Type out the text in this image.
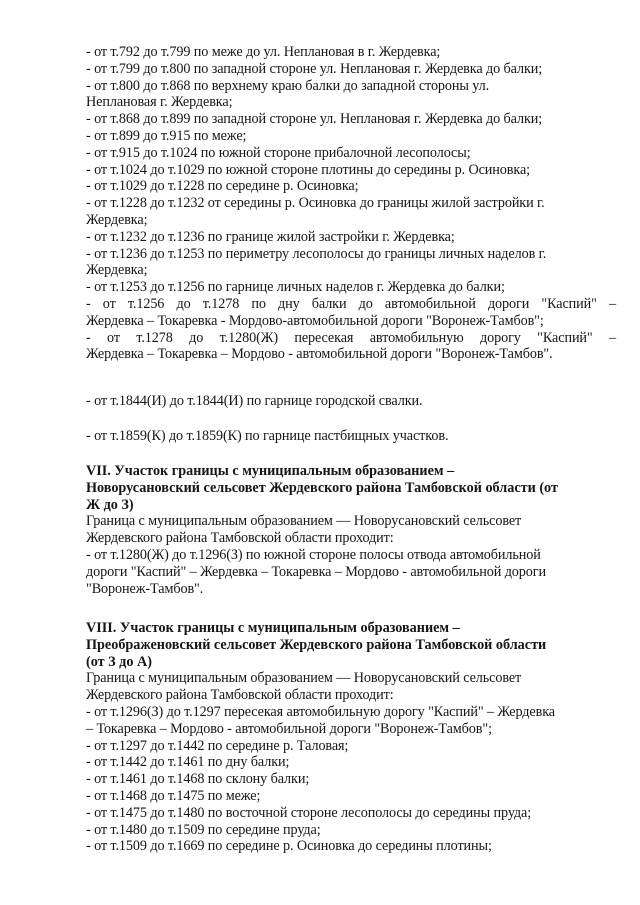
- от т.792 до т.799 по меже до ул. Неплановая в г. Жердевка;
- от т.799 до т.800 по западной стороне ул. Неплановая г. Жердевка до балки;
- от т.800 до т.868 по верхнему краю балки до западной стороны ул.
Неплановая г. Жердевка;
- от т.868 до т.899 по западной стороне ул. Неплановая г. Жердевка до балки;
- от т.899 до т.915 по меже;
- от т.915 до т.1024 по южной стороне прибалочной лесополосы;
- от т.1024 до т.1029 по южной стороне плотины до середины р. Осиновка;
- от т.1029 до т.1228 по середине р. Осиновка;
- от т.1228 до т.1232 от середины р. Осиновка до границы жилой застройки г.
Жердевка;
- от т.1232 до т.1236 по границе жилой застройки г. Жердевка;
- от т.1236 до т.1253 по периметру лесополосы до границы личных наделов г.
Жердевка;
- от т.1253 до т.1256 по гарнице личных наделов г. Жердевка до балки;
- от т.1256 до т.1278 по дну балки до автомобильной дороги "Каспий" –
Жердевка – Токаревка - Мордово-автомобильной дороги "Воронеж-Тамбов";
- от т.1278 до т.1280(Ж) пересекая автомобильную дорогу "Каспий" –
Жердевка – Токаревка – Мордово - автомобильной дороги "Воронеж-Тамбов".
- от т.1844(И) до т.1844(И) по гарнице городской свалки.
- от т.1859(К) до т.1859(К) по гарнице пастбищных участков.
VII. Участок границы с муниципальным образованием –
Новорусановский сельсовет Жердевского района Тамбовской области (от
Ж до З)
Граница с муниципальным образованием — Новорусановский сельсовет
Жердевского района Тамбовской области проходит:
- от т.1280(Ж) до т.1296(З) по южной стороне полосы отвода автомобильной
дороги "Каспий" – Жердевка – Токаревка – Мордово - автомобильной дороги
"Воронеж-Тамбов".
VIII. Участок границы с муниципальным образованием –
Преображеновский сельсовет Жердевского района Тамбовской области
(от З до А)
Граница с муниципальным образованием — Новорусановский сельсовет
Жердевского района Тамбовской области проходит:
- от т.1296(З) до т.1297 пересекая автомобильную дорогу "Каспий" – Жердевка
– Токаревка – Мордово - автомобильной дороги "Воронеж-Тамбов";
- от т.1297 до т.1442 по середине р. Таловая;
- от т.1442 до т.1461 по дну балки;
- от т.1461 до т.1468 по склону балки;
- от т.1468 до т.1475 по меже;
- от т.1475 до т.1480 по восточной стороне лесополосы до середины пруда;
- от т.1480 до т.1509 по середине пруда;
- от т.1509 до т.1669 по середине р. Осиновка до середины плотины;
